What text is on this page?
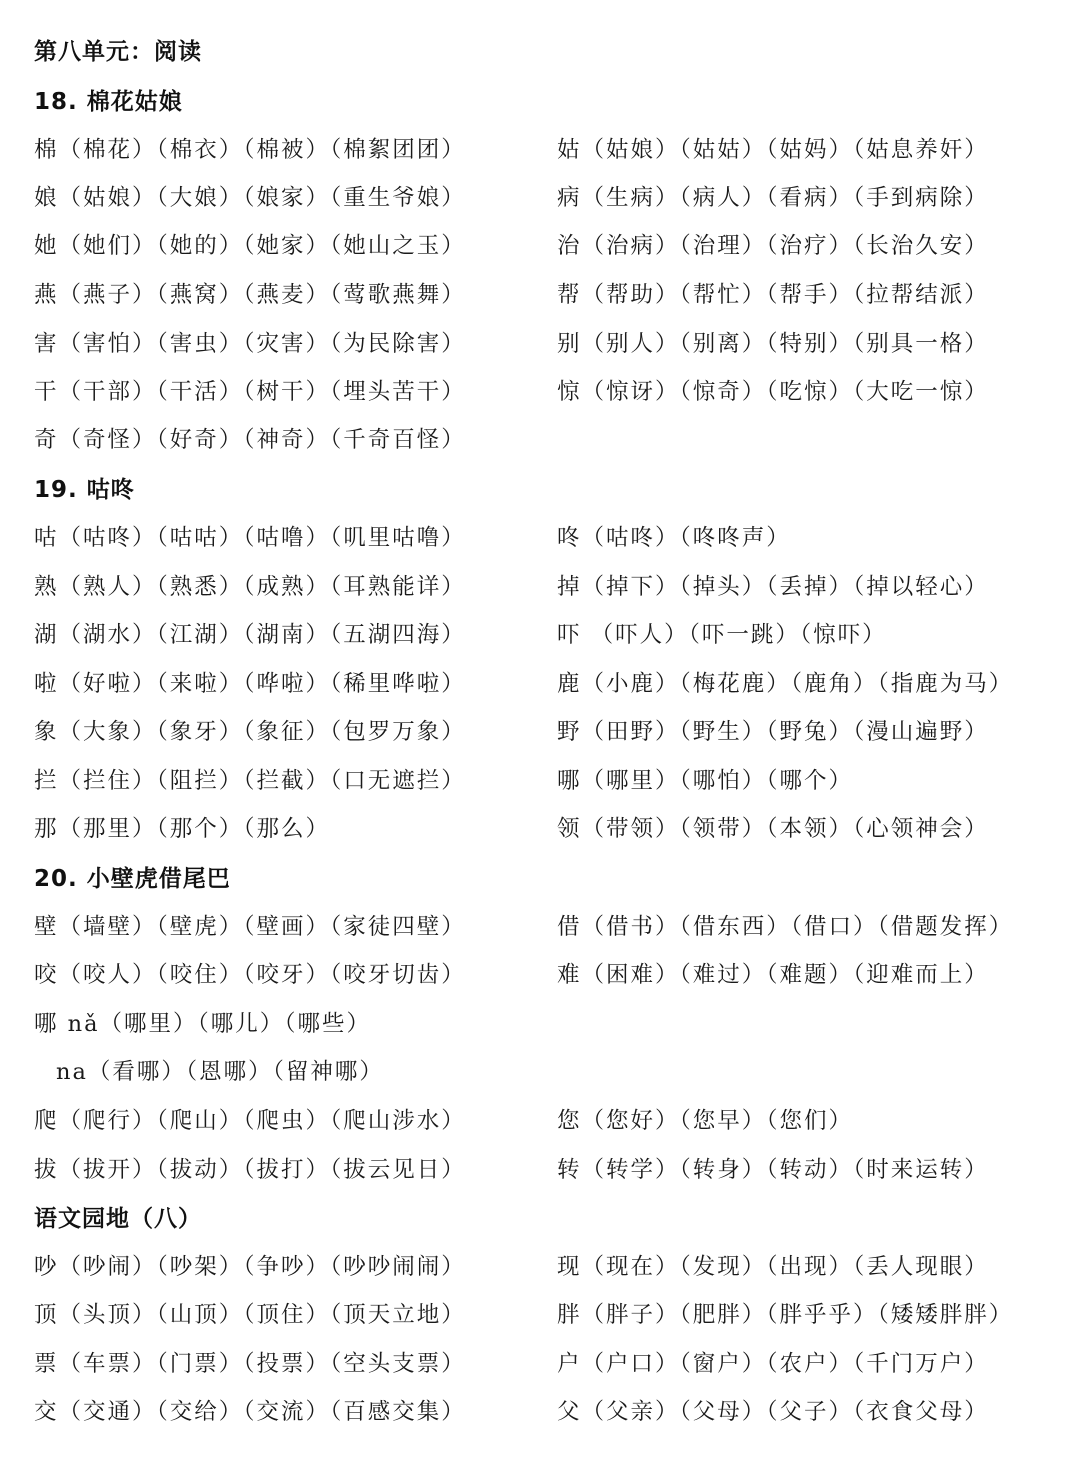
第八单元：阅读
18. 棉花姑娘
棉（棉花）（棉衣）（棉被）（棉絮团团）	姑（姑娘）（姑姑）（姑妈）（姑息养奸）
娘（姑娘）（大娘）（娘家）（重生爷娘）	病（生病）（病人）（看病）（手到病除）
她（她们）（她的）（她家）（她山之玉）	治（治病）（治理）（治疗）（长治久安）
燕（燕子）（燕窝）（燕麦）（莺歌燕舞）	帮（帮助）（帮忙）（帮手）（拉帮结派）
害（害怕）（害虫）（灾害）（为民除害）	别（别人）（别离）（特别）（别具一格）
干（干部）（干活）（树干）（埋头苦干）	惊（惊讶）（惊奇）（吃惊）（大吃一惊）
奇（奇怪）（好奇）（神奇）（千奇百怪）
19. 咕咚
咕（咕咚）（咕咕）（咕噜）（叽里咕噜）	咚（咕咚）（咚咚声）
熟（熟人）（熟悉）（成熟）（耳熟能详）	掉（掉下）（掉头）（丢掉）（掉以轻心）
湖（湖水）（江湖）（湖南）（五湖四海）	吓 （吓人）（吓一跳）（惊吓）
啦（好啦）（来啦）（哗啦）（稀里哗啦）	鹿（小鹿）（梅花鹿）（鹿角）（指鹿为马）
象（大象）（象牙）（象征）（包罗万象）	野（田野）（野生）（野兔）（漫山遍野）
拦（拦住）（阻拦）（拦截）（口无遮拦）	哪（哪里）（哪怕）（哪个）
那（那里）（那个）（那么）	领（带领）（领带）（本领）（心领神会）
20. 小壁虎借尾巴
壁（墙壁）（壁虎）（壁画）（家徒四壁）	借（借书）（借东西）（借口）（借题发挥）
咬（咬人）（咬住）（咬牙）（咬牙切齿）	难（困难）（难过）（难题）（迎难而上）
哪 nǎ（哪里）（哪儿）（哪些）
na（看哪）（恩哪）（留神哪）
爬（爬行）（爬山）（爬虫）（爬山涉水）	您（您好）（您早）（您们）
拔（拔开）（拔动）（拔打）（拔云见日）	转（转学）（转身）（转动）（时来运转）
语文园地（八）
吵（吵闹）（吵架）（争吵）（吵吵闹闹）	现（现在）（发现）（出现）（丢人现眼）
顶（头顶）（山顶）（顶住）（顶天立地）	胖（胖子）（肥胖）（胖乎乎）（矮矮胖胖）
票（车票）（门票）（投票）（空头支票）	户（户口）（窗户）（农户）（千门万户）
交（交通）（交给）（交流）（百感交集）	父（父亲）（父母）（父子）（衣食父母）
